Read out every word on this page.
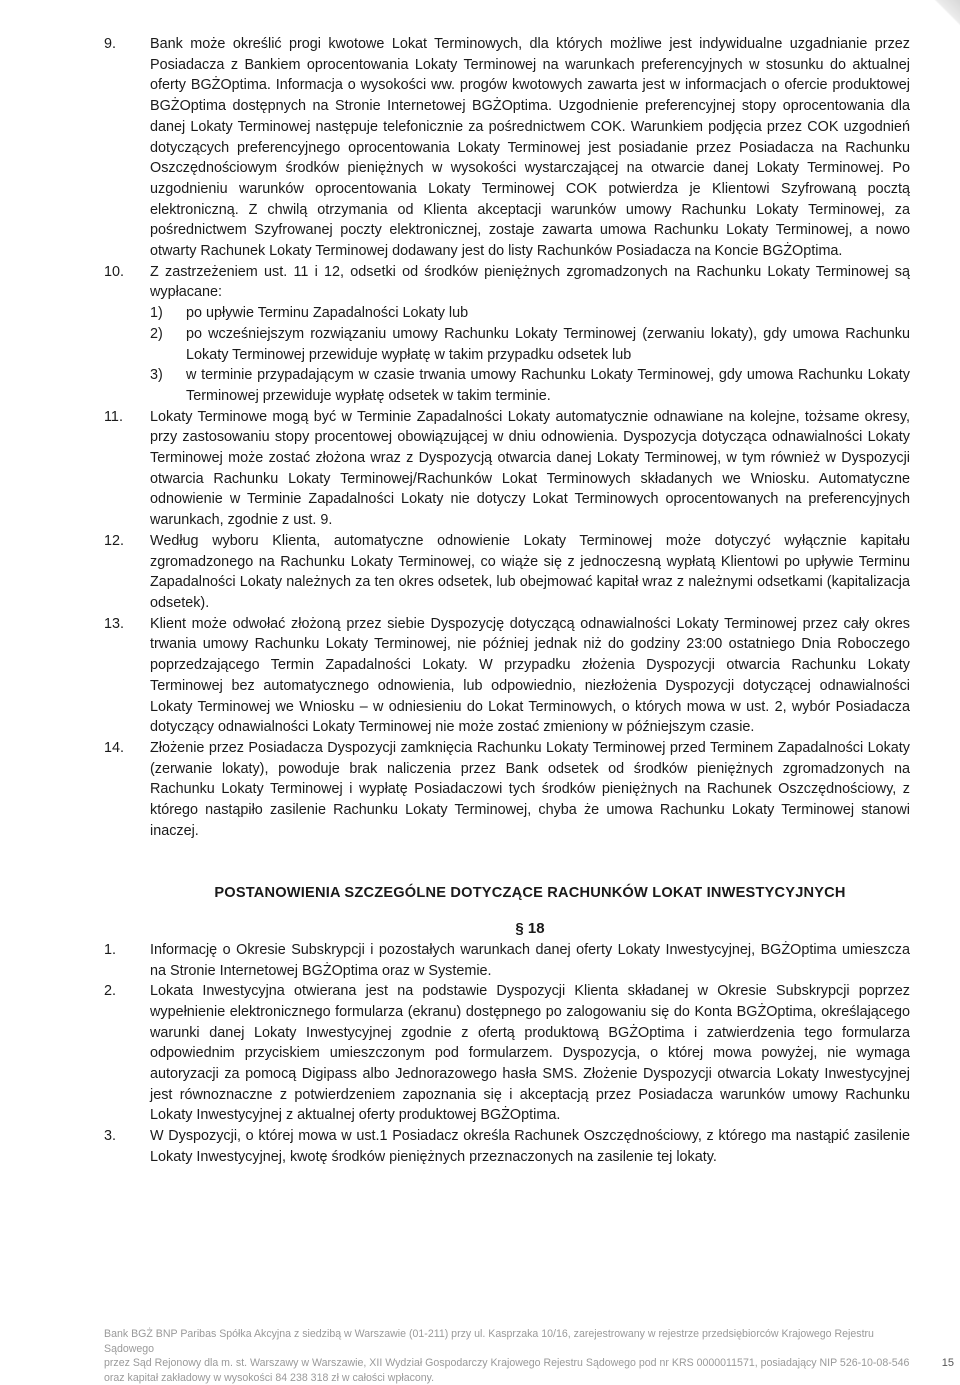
9.	Bank może określić progi kwotowe Lokat Terminowych, dla których możliwe jest indywidualne uzgadnianie przez Posiadacza z Bankiem oprocentowania Lokaty Terminowej na warunkach preferencyjnych w stosunku do aktualnej oferty BGŻOptima. Informacja o wysokości ww. progów kwotowych zawarta jest w informacjach o ofercie produktowej BGŻOptima dostępnych na Stronie Internetowej BGŻOptima. Uzgodnienie preferencyjnej stopy oprocentowania dla danej Lokaty Terminowej następuje telefonicznie za pośrednictwem COK. Warunkiem podjęcia przez COK uzgodnień dotyczących preferencyjnego oprocentowania Lokaty Terminowej jest posiadanie przez Posiadacza na Rachunku Oszczędnościowym środków pieniężnych w wysokości wystarczającej na otwarcie danej Lokaty Terminowej. Po uzgodnieniu warunków oprocentowania Lokaty Terminowej COK potwierdza je Klientowi Szyfrowaną pocztą elektroniczną. Z chwilą otrzymania od Klienta akceptacji warunków umowy Rachunku Lokaty Terminowej, za pośrednictwem Szyfrowanej poczty elektronicznej, zostaje zawarta umowa Rachunku Lokaty Terminowej, a nowo otwarty Rachunek Lokaty Terminowej dodawany jest do listy Rachunków Posiadacza na Koncie BGŻOptima.
10.	Z zastrzeżeniem ust. 11 i 12, odsetki od środków pieniężnych zgromadzonych na Rachunku Lokaty Terminowej są wypłacane:
1)	po upływie Terminu Zapadalności Lokaty lub
2)	po wcześniejszym rozwiązaniu umowy Rachunku Lokaty Terminowej (zerwaniu lokaty), gdy umowa Rachunku Lokaty Terminowej przewiduje wypłatę w takim przypadku odsetek lub
3)	w terminie przypadającym w czasie trwania umowy Rachunku Lokaty Terminowej, gdy umowa Rachunku Lokaty Terminowej przewiduje wypłatę odsetek w takim terminie.
11.	Lokaty Terminowe mogą być w Terminie Zapadalności Lokaty automatycznie odnawiane na kolejne, tożsame okresy, przy zastosowaniu stopy procentowej obowiązującej w dniu odnowienia. Dyspozycja dotycząca odnawialności Lokaty Terminowej może zostać złożona wraz z Dyspozycją otwarcia danej Lokaty Terminowej, w tym również w Dyspozycji otwarcia Rachunku Lokaty Terminowej/Rachunków Lokat Terminowych składanych we Wniosku. Automatyczne odnowienie w Terminie Zapadalności Lokaty nie dotyczy Lokat Terminowych oprocentowanych na preferencyjnych warunkach, zgodnie z ust. 9.
12.	Według wyboru Klienta, automatyczne odnowienie Lokaty Terminowej może dotyczyć wyłącznie kapitału zgromadzonego na Rachunku Lokaty Terminowej, co wiąże się z jednoczesną wypłatą Klientowi po upływie Terminu Zapadalności Lokaty należnych za ten okres odsetek, lub obejmować kapitał wraz z należnymi odsetkami (kapitalizacja odsetek).
13.	Klient może odwołać złożoną przez siebie Dyspozycję dotyczącą odnawialności Lokaty Terminowej przez cały okres trwania umowy Rachunku Lokaty Terminowej, nie później jednak niż do godziny 23:00 ostatniego Dnia Roboczego poprzedzającego Termin Zapadalności Lokaty. W przypadku złożenia Dyspozycji otwarcia Rachunku Lokaty Terminowej bez automatycznego odnowienia, lub odpowiednio, niezłożenia Dyspozycji dotyczącej odnawialności Lokaty Terminowej we Wniosku – w odniesieniu do Lokat Terminowych, o których mowa w ust. 2, wybór Posiadacza dotyczący odnawialności Lokaty Terminowej nie może zostać zmieniony w późniejszym czasie.
14.	Złożenie przez Posiadacza Dyspozycji zamknięcia Rachunku Lokaty Terminowej przed Terminem Zapadalności Lokaty (zerwanie lokaty), powoduje brak naliczenia przez Bank odsetek od środków pieniężnych zgromadzonych na Rachunku Lokaty Terminowej i wypłatę Posiadaczowi tych środków pieniężnych na Rachunek Oszczędnościowy, z którego nastąpiło zasilenie Rachunku Lokaty Terminowej, chyba że umowa Rachunku Lokaty Terminowej stanowi inaczej.
POSTANOWIENIA SZCZEGÓLNE DOTYCZĄCE RACHUNKÓW LOKAT INWESTYCYJNYCH
§ 18
1.	Informację o Okresie Subskrypcji i pozostałych warunkach danej oferty Lokaty Inwestycyjnej, BGŻOptima umieszcza na Stronie Internetowej BGŻOptima oraz w Systemie.
2.	Lokata Inwestycyjna otwierana jest na podstawie Dyspozycji Klienta składanej w Okresie Subskrypcji poprzez wypełnienie elektronicznego formularza (ekranu) dostępnego po zalogowaniu się do Konta BGŻOptima, określającego warunki danej Lokaty Inwestycyjnej zgodnie z ofertą produktową BGŻOptima i zatwierdzenia tego formularza odpowiednim przyciskiem umieszczonym pod formularzem. Dyspozycja, o której mowa powyżej, nie wymaga autoryzacji za pomocą Digipass albo Jednorazowego hasła SMS. Złożenie Dyspozycji otwarcia Lokaty Inwestycyjnej jest równoznaczne z potwierdzeniem zapoznania się i akceptacją przez Posiadacza warunków umowy Rachunku Lokaty Inwestycyjnej z aktualnej oferty produktowej BGŻOptima.
3.	W Dyspozycji, o której mowa w ust.1 Posiadacz określa Rachunek Oszczędnościowy, z którego ma nastąpić zasilenie Lokaty Inwestycyjnej, kwotę środków pieniężnych przeznaczonych na zasilenie tej lokaty.
Bank BGŻ BNP Paribas Spółka Akcyjna z siedzibą w Warszawie (01-211) przy ul. Kasprzaka 10/16, zarejestrowany w rejestrze przedsiębiorców Krajowego Rejestru Sądowego
przez Sąd Rejonowy dla m. st. Warszawy w Warszawie, XII Wydział Gospodarczy Krajowego Rejestru Sądowego pod nr KRS 0000011571, posiadający NIP 526-10-08-546
oraz kapitał zakładowy w wysokości 84 238 318 zł w całości wpłacony.
15
